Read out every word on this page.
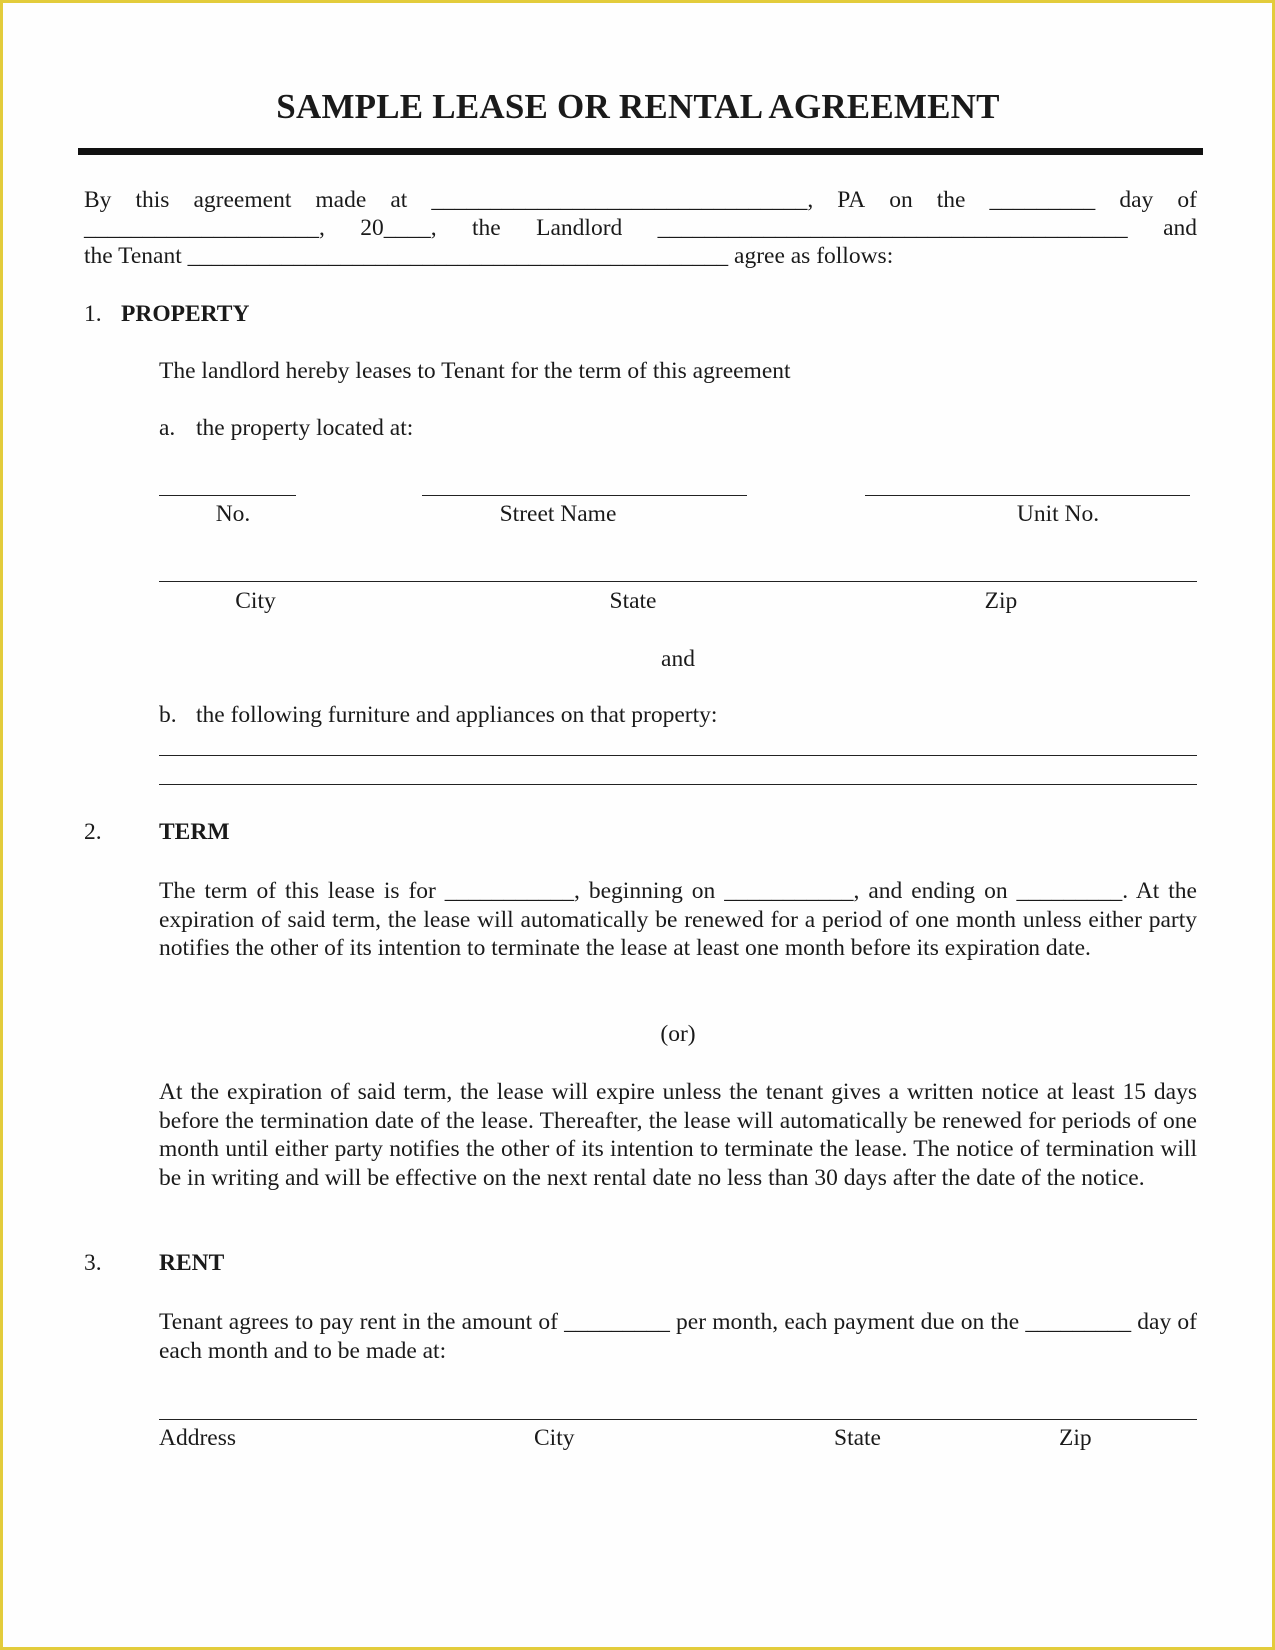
SAMPLE LEASE OR RENTAL AGREEMENT
By this agreement made at ________________________________, PA on the _________ day of
____________________, 20____, the Landlord ________________________________________ and
the Tenant ______________________________________________ agree as follows:
1. PROPERTY
The landlord hereby leases to Tenant for the term of this agreement
a. the property located at:
No.	Street Name	Unit No.
City	State	Zip
and
b. the following furniture and appliances on that property:
2. TERM
The term of this lease is for ___________, beginning on ___________, and ending on _________. At the expiration of said term, the lease will automatically be renewed for a period of one month unless either party notifies the other of its intention to terminate the lease at least one month before its expiration date.
(or)
At the expiration of said term, the lease will expire unless the tenant gives a written notice at least 15 days before the termination date of the lease. Thereafter, the lease will automatically be renewed for periods of one month until either party notifies the other of its intention to terminate the lease. The notice of termination will be in writing and will be effective on the next rental date no less than 30 days after the date of the notice.
3. RENT
Tenant agrees to pay rent in the amount of _________ per month, each payment due on the _________ day of each month and to be made at:
Address	City	State	Zip
